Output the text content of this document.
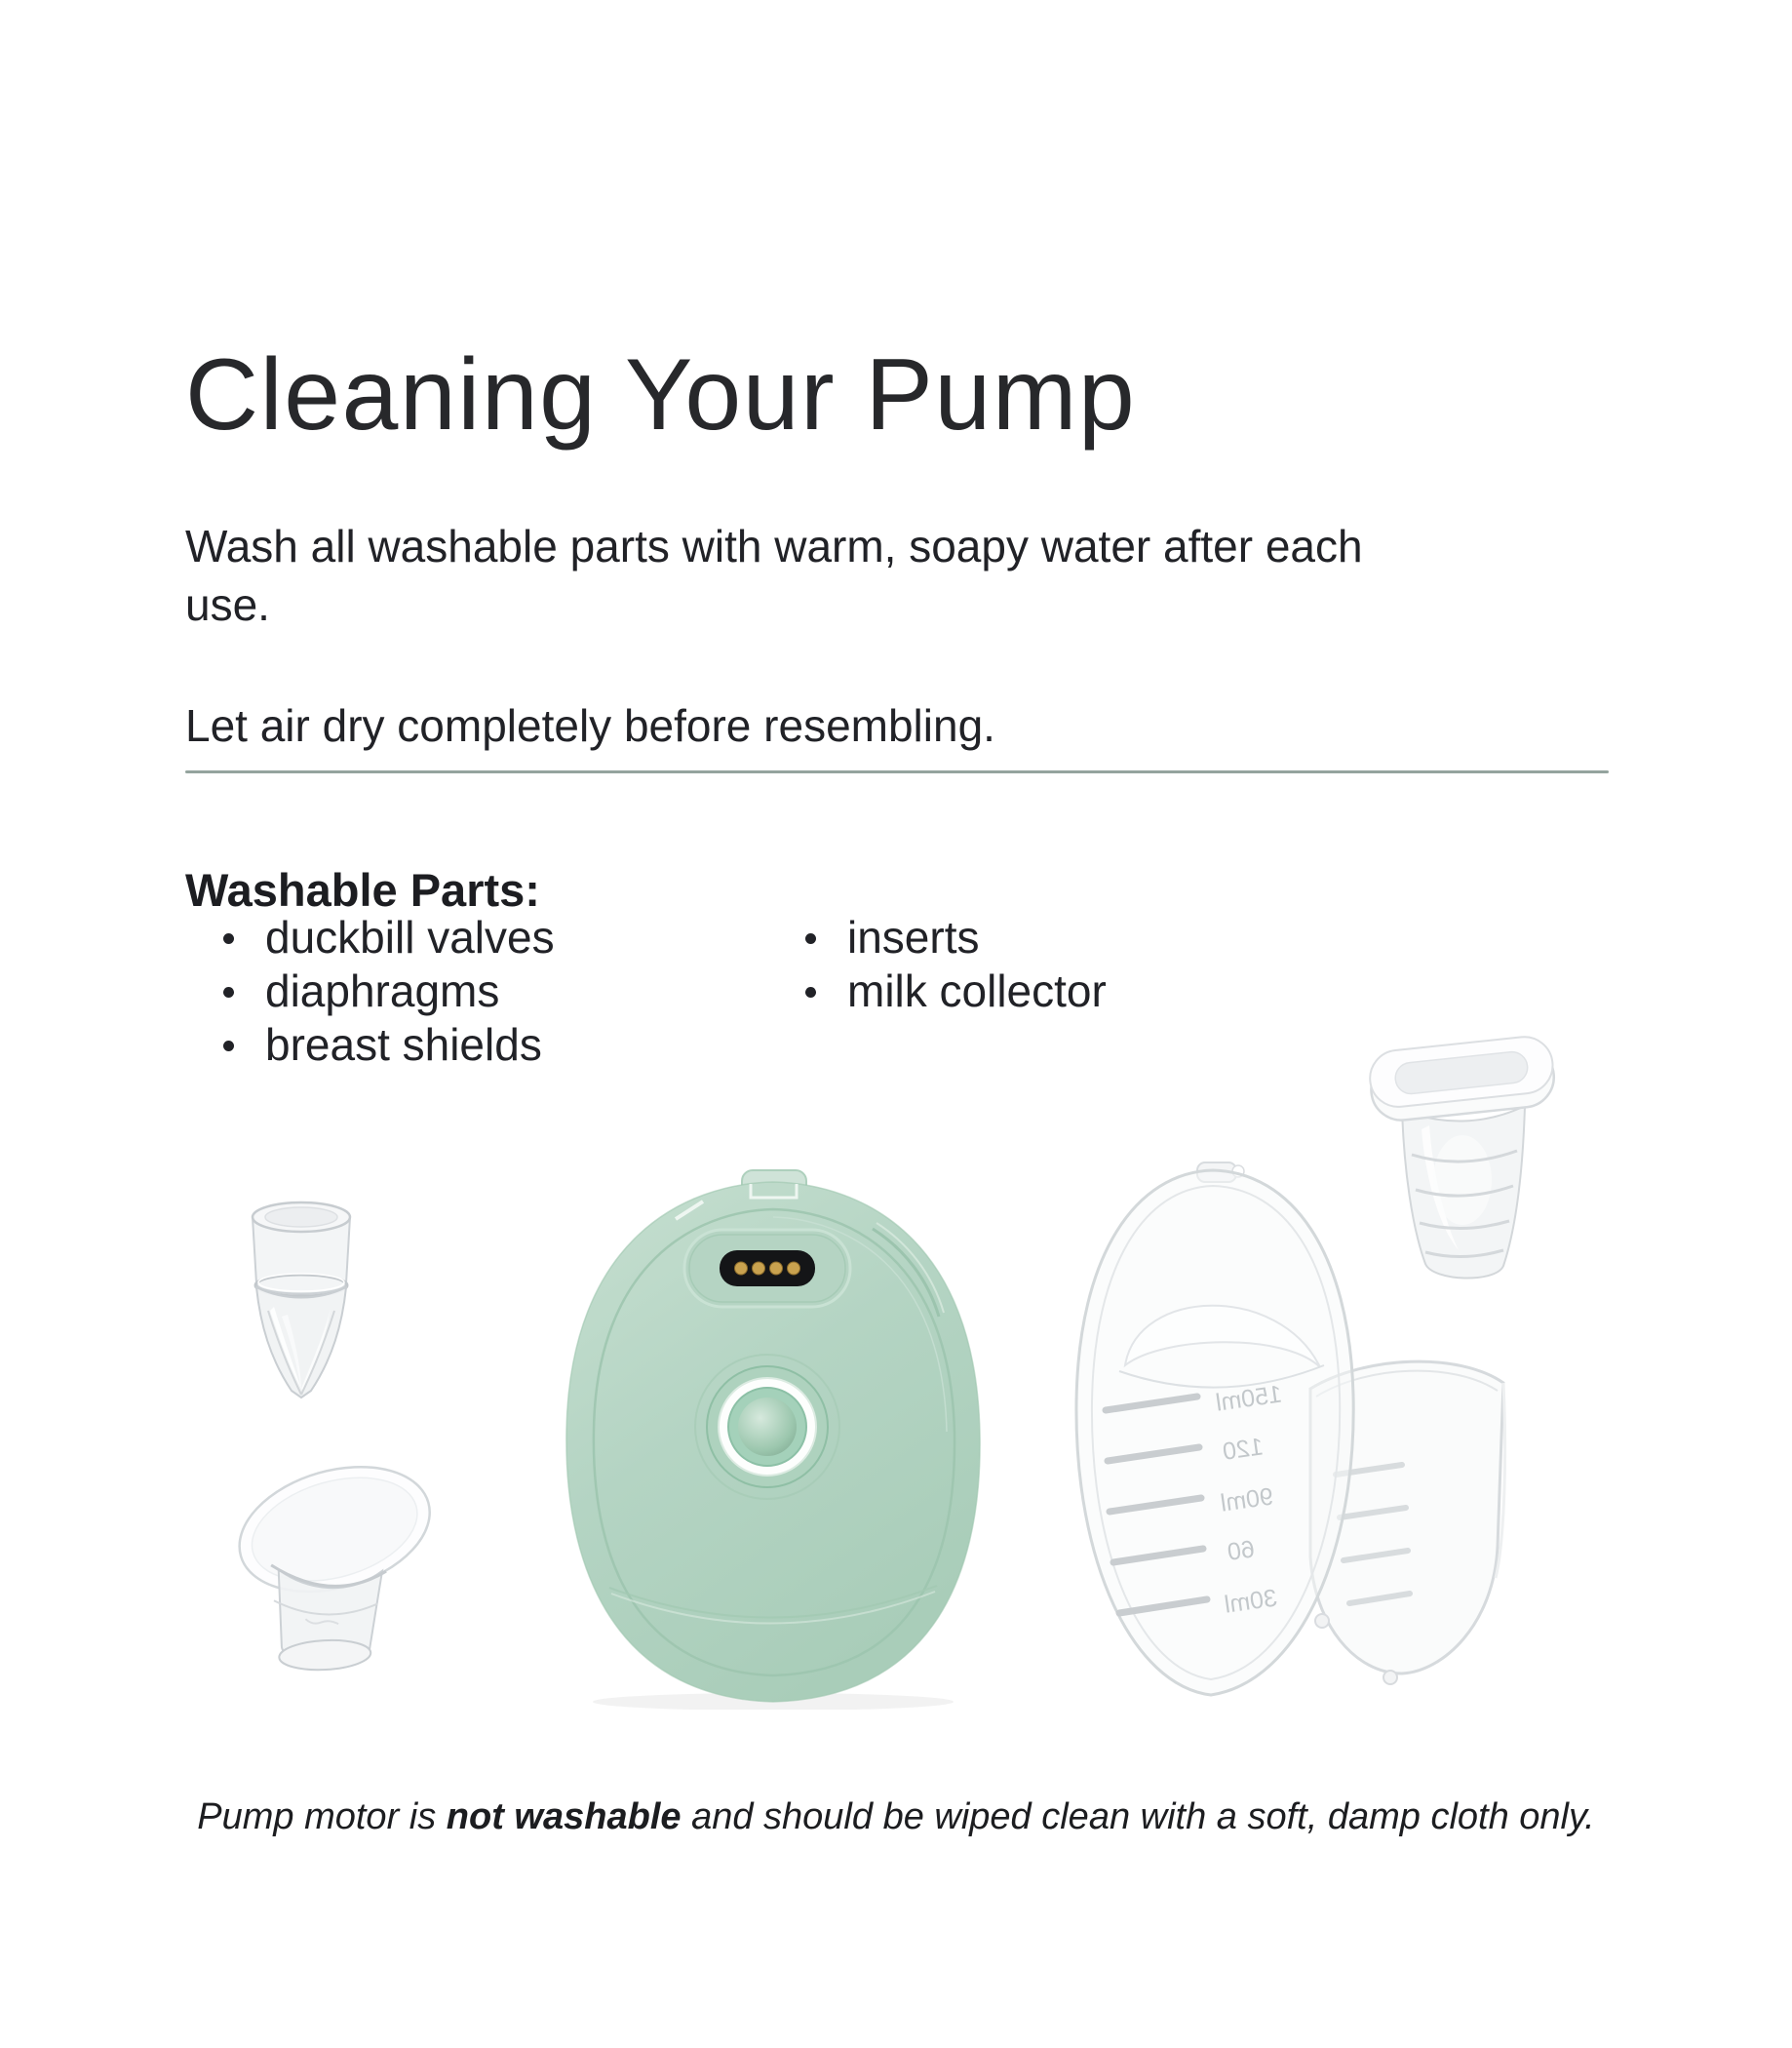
Cleaning Your Pump

Wash all washable parts with warm, soapy water after each use.

Let air dry completely before resembling.

Washable Parts:
duckbill valves
diaphragms
breast shields
inserts
milk collector
150ml
120
90ml
60
30ml

Pump motor is not washable and should be wiped clean with a soft, damp cloth only.
